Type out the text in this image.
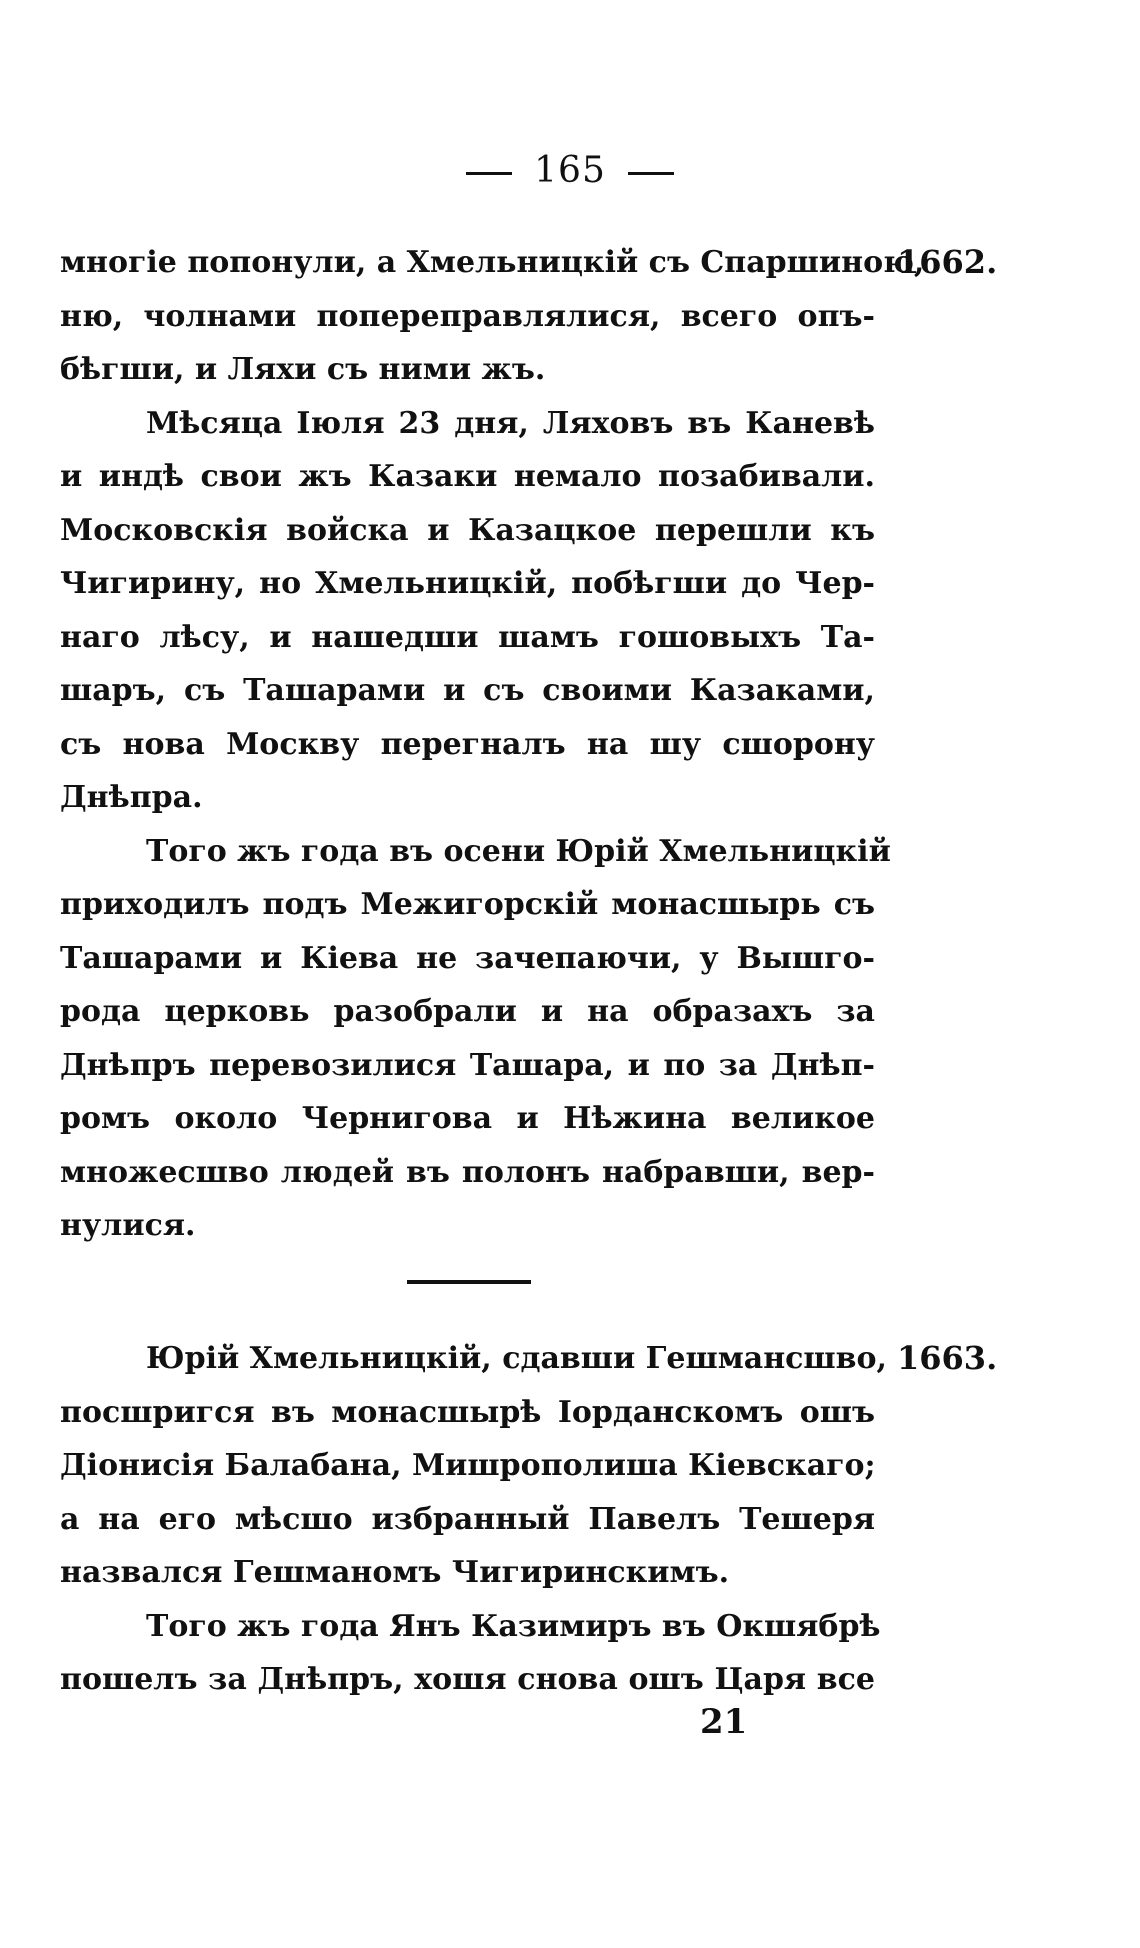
165
1662.
многіе попонули, а Хмельницкій съ Спаршиною,
ню, чолнами поперепpавлялися, всего опъ-
бѣгши, и Ляхи съ ними жъ.
Мѣсяца Іюля 23 дня, Ляховъ въ Каневѣ
и индѣ свои жъ Казаки немало позабивали.
Московскія войска и Казацкое перешли къ
Чигирину, но Хмельницкій, побѣгши до Чер-
наго лѣсу, и нашедши шамъ гошовыхъ Та-
шаръ, съ Ташарами и съ своими Казаками,
съ нова Москву перегналъ на шу сшорону
Днѣпра.
Того жъ года въ осени Юрій Хмельницкій
приходилъ подъ Межигорскій монасшырь съ
Ташарами и Кіева не зачепаючи, у Вышго-
рода церковь разобрали и на образахъ за
Днѣпръ перевозилися Ташара, и по за Днѣп-
ромъ около Чернигова и Нѣжина великое
множесшво людей въ полонъ набравши, вер-
нулися.
1663.
Юрій Хмельницкій, сдавши Гешмансшво,
посшригся въ монасшырѣ Іорданскомъ ошъ
Діонисія Балабана, Мишрополиша Кіевскаго;
а на его мѣсшо избранный Павелъ Тешеря
назвался Гешманомъ Чигиринскимъ.
Того жъ года Янъ Казимиръ въ Окшябрѣ
пошелъ за Днѣпръ, хошя снова ошъ Царя все
21
